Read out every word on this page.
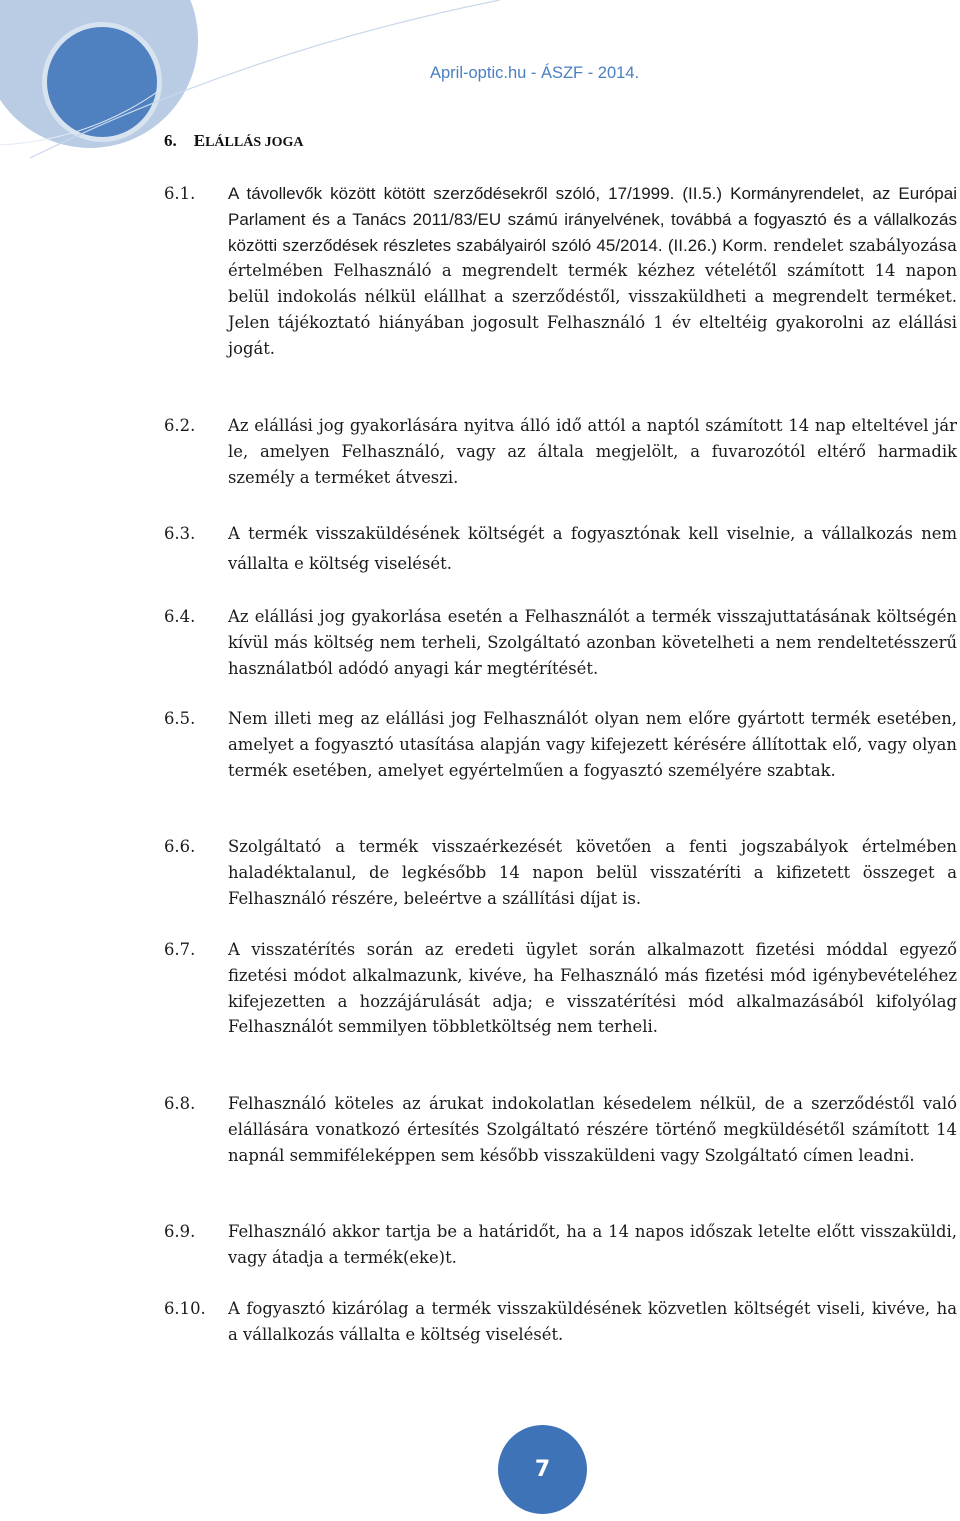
April-optic.hu - ÁSZF - 2014.
6. ELÁLLÁS JOGA
6.1. A távollevők között kötött szerződésekről szóló, 17/1999. (II.5.) Kormányrendelet, az Európai Parlament és a Tanács 2011/83/EU számú irányelvének, továbbá a fogyasztó és a vállalkozás közötti szerződések részletes szabályairól szóló 45/2014. (II.26.) Korm. rendelet szabályozása értelmében Felhasználó a megrendelt termék kézhez vételétől számított 14 napon belül indokolás nélkül elállhat a szerződéstől, visszaküldheti a megrendelt terméket. Jelen tájékoztató hiányában jogosult Felhasználó 1 év elteltéig gyakorolni az elállási jogát.
6.2. Az elállási jog gyakorlására nyitva álló idő attól a naptól számított 14 nap elteltével jár le, amelyen Felhasználó, vagy az általa megjelölt, a fuvarozótól eltérő harmadik személy a terméket átveszi.
6.3. A termék visszaküldésének költségét a fogyasztónak kell viselnie, a vállalkozás nem vállalta e költség viselését.
6.4. Az elállási jog gyakorlása esetén a Felhasználót a termék visszajuttatásának költségén kívül más költség nem terheli, Szolgáltató azonban követelheti a nem rendeltetésszerű használatból adódó anyagi kár megtérítését.
6.5. Nem illeti meg az elállási jog Felhasználót olyan nem előre gyártott termék esetében, amelyet a fogyasztó utasítása alapján vagy kifejezett kérésére állítottak elő, vagy olyan termék esetében, amelyet egyértelműen a fogyasztó személyére szabtak.
6.6. Szolgáltató a termék visszaérkezését követően a fenti jogszabályok értelmében haladéktalanul, de legkésőbb 14 napon belül visszatéríti a kifizetett összeget a Felhasználó részére, beleértve a szállítási díjat is.
6.7. A visszatérítés során az eredeti ügylet során alkalmazott fizetési móddal egyező fizetési módot alkalmazunk, kivéve, ha Felhasználó más fizetési mód igénybevételéhez kifejezetten a hozzájárulását adja; e visszatérítési mód alkalmazásából kifolyólag Felhasználót semmilyen többletköltség nem terheli.
6.8. Felhasználó köteles az árukat indokolatlan késedelem nélkül, de a szerződéstől való elállására vonatkozó értesítés Szolgáltató részére történő megküldésétől számított 14 napnál semmiféleképpen sem később visszaküldeni vagy Szolgáltató címen leadni.
6.9. Felhasználó akkor tartja be a határidőt, ha a 14 napos időszak letelte előtt visszaküldi, vagy átadja a termék(eke)t.
6.10. A fogyasztó kizárólag a termék visszaküldésének közvetlen költségét viseli, kivéve, ha a vállalkozás vállalta e költség viselését.
7
